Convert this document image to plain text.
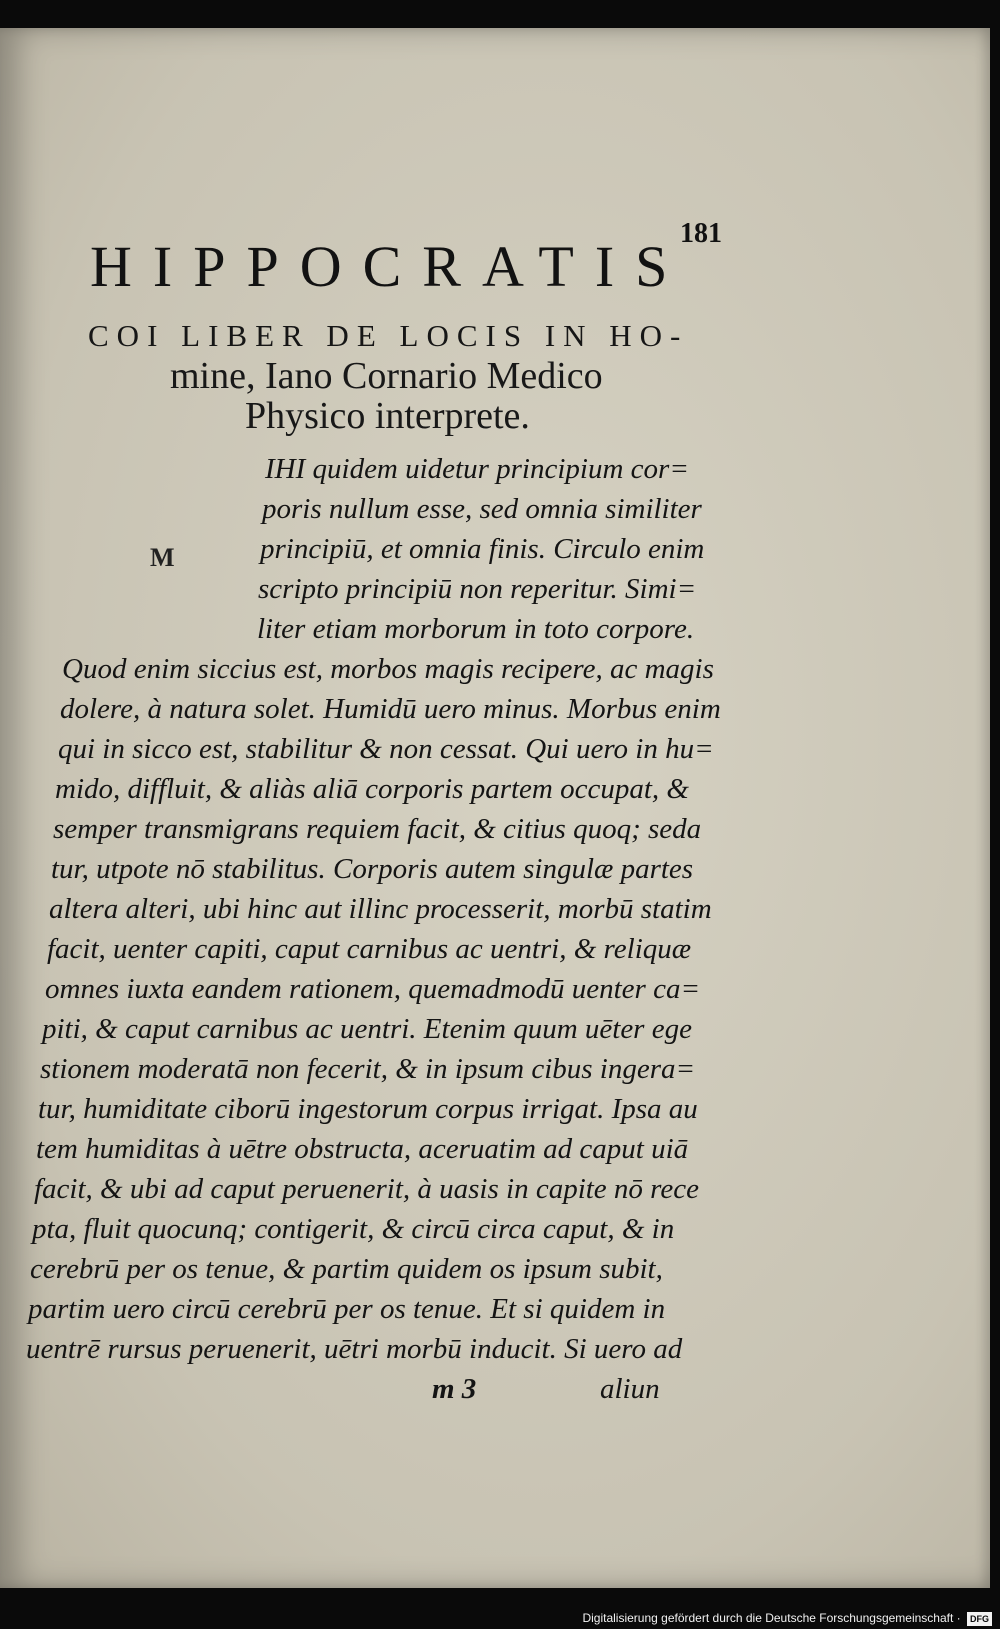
181
HIPPOCRATIS
COI LIBER DE LOCIS IN HO-
mine, Iano Cornario Medico
Physico interprete.
M
IHI quidem uidetur principium cor=
poris nullum esse, sed omnia similiter
principiū, et omnia finis. Circulo enim
scripto principiū non reperitur. Simi=
liter etiam morborum in toto corpore.
Quod enim siccius est, morbos magis recipere, ac magis
dolere, à natura solet. Humidū uero minus. Morbus enim
qui in sicco est, stabilitur & non cessat. Qui uero in hu=
mido, diffluit, & aliàs aliā corporis partem occupat, &
semper transmigrans requiem facit, & citius quoq; seda
tur, utpote nō stabilitus. Corporis autem singulæ partes
altera alteri, ubi hinc aut illinc processerit, morbū statim
facit, uenter capiti, caput carnibus ac uentri, & reliquæ
omnes iuxta eandem rationem, quemadmodū uenter ca=
piti, & caput carnibus ac uentri. Etenim quum uēter ege
stionem moderatā non fecerit, & in ipsum cibus ingera=
tur, humiditate ciborū ingestorum corpus irrigat. Ipsa au
tem humiditas à uētre obstructa, aceruatim ad caput uiā
facit, & ubi ad caput peruenerit, à uasis in capite nō rece
pta, fluit quocunq; contigerit, & circū circa caput, & in
cerebrū per os tenue, & partim quidem os ipsum subit,
partim uero circū cerebrū per os tenue. Et si quidem in
uentrē rursus peruenerit, uētri morbū inducit. Si uero ad
m 3	aliun
Digitalisierung gefördert durch die Deutsche Forschungsgemeinschaft · DFG
